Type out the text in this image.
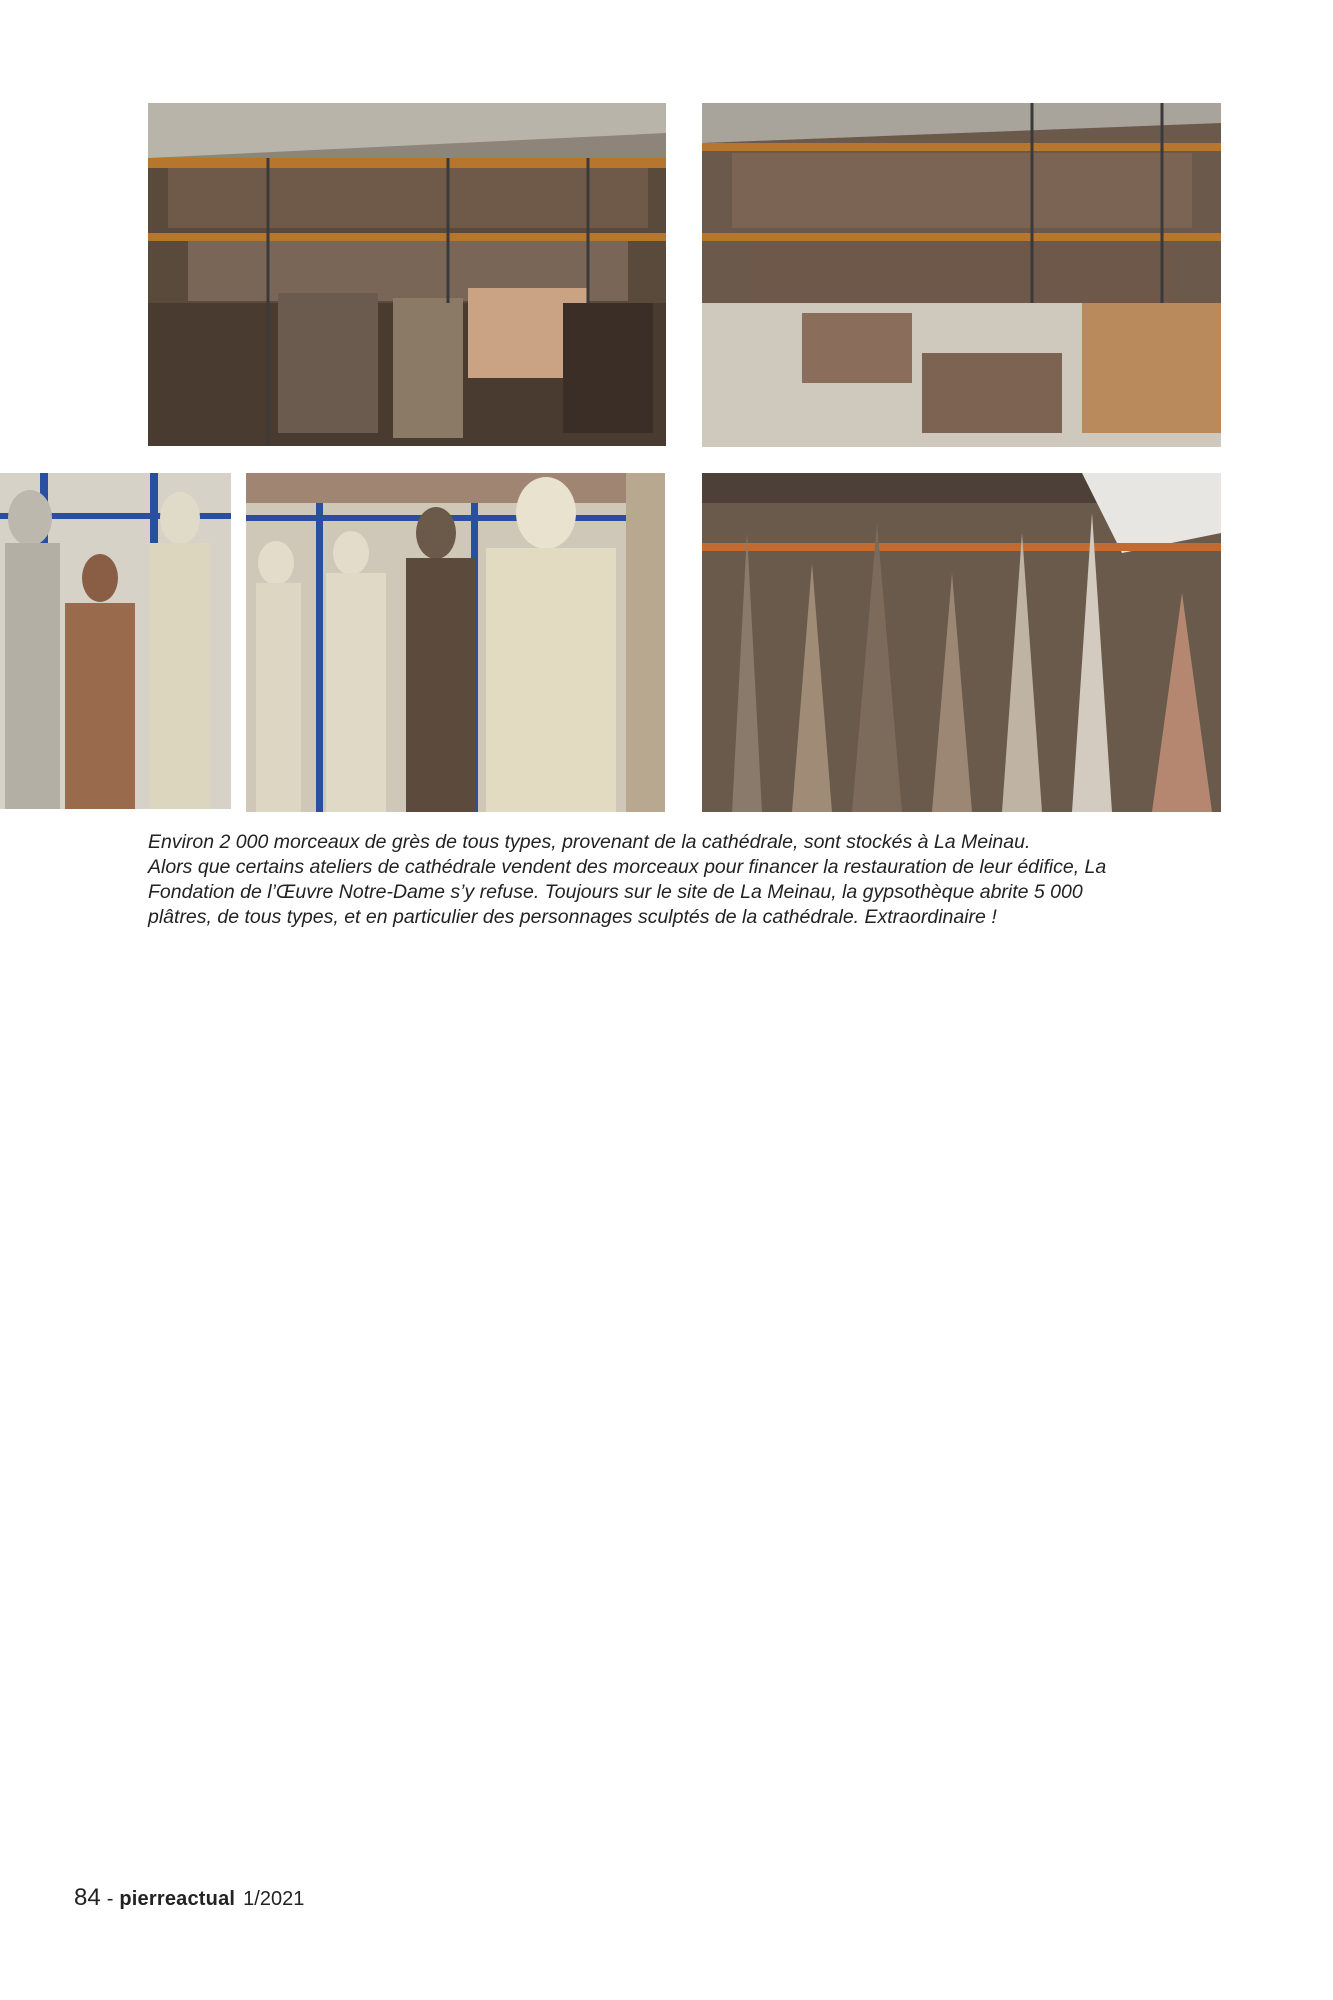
Environ 2 000 morceaux de grès de tous types, provenant de la cathédrale, sont stockés à La Meinau.
Alors que certains ateliers de cathédrale vendent des morceaux pour financer la restauration de leur édifice, La
Fondation de l’Œuvre Notre-Dame s’y refuse. Toujours sur le site de La Meinau, la gypsothèque abrite 5 000
plâtres, de tous types, et en particulier des personnages sculptés de la cathédrale. Extraordinaire !

84 - pierreactual 1/2021
